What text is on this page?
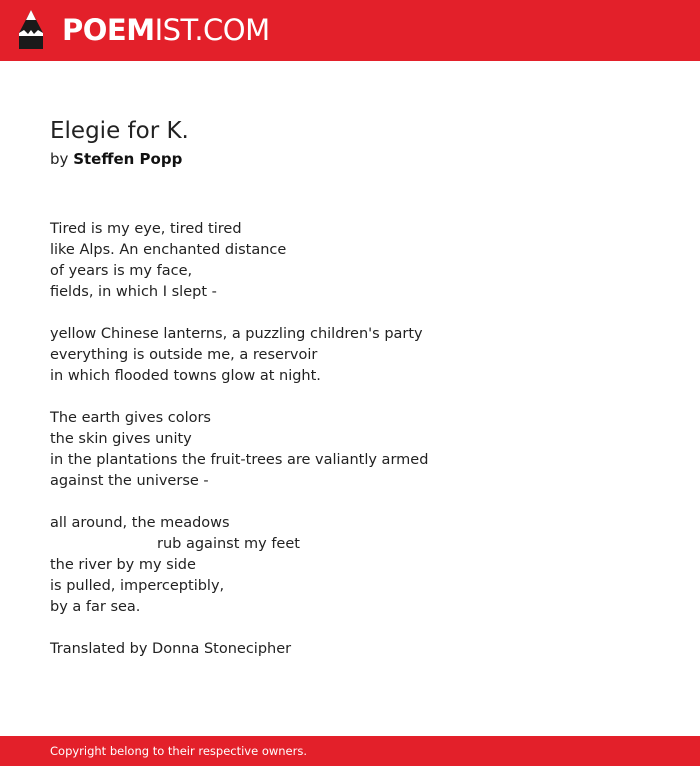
POEMIST.COM
Elegie for K.
by Steffen Popp
Tired is my eye, tired tired
like Alps. An enchanted distance
of years is my face,
fields, in which I slept -
yellow Chinese lanterns, a puzzling children's party
everything is outside me, a reservoir
in which flooded towns glow at night.
The earth gives colors
the skin gives unity
in the plantations the fruit-trees are valiantly armed
against the universe -
all around, the meadows
rub against my feet
the river by my side
is pulled, imperceptibly,
by a far sea.
Translated by Donna Stonecipher
Copyright belong to their respective owners.
